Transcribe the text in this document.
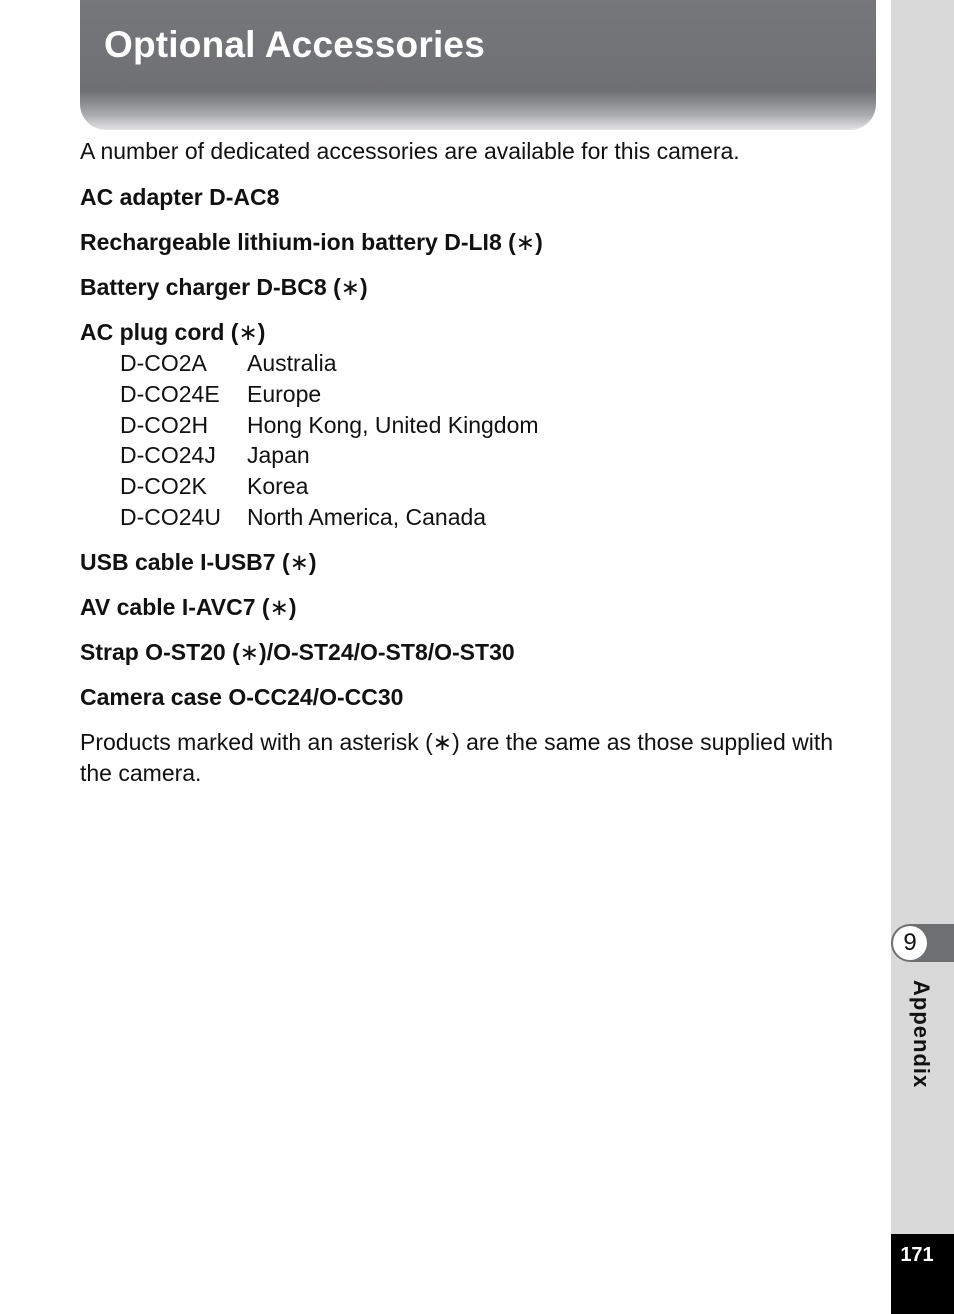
Optional Accessories

A number of dedicated accessories are available for this camera.

AC adapter D-AC8

Rechargeable lithium-ion battery D-LI8 (∗)

Battery charger D-BC8 (∗)

AC plug cord (∗)

D-CO2A	Australia
D-CO24E	Europe
D-CO2H	Hong Kong, United Kingdom
D-CO24J	Japan
D-CO2K	Korea
D-CO24U	North America, Canada

USB cable I-USB7 (∗)

AV cable I-AVC7 (∗)

Strap O-ST20 (∗)/O-ST24/O-ST8/O-ST30

Camera case O-CC24/O-CC30

Products marked with an asterisk (∗) are the same as those supplied with the camera.

9
Appendix
171
